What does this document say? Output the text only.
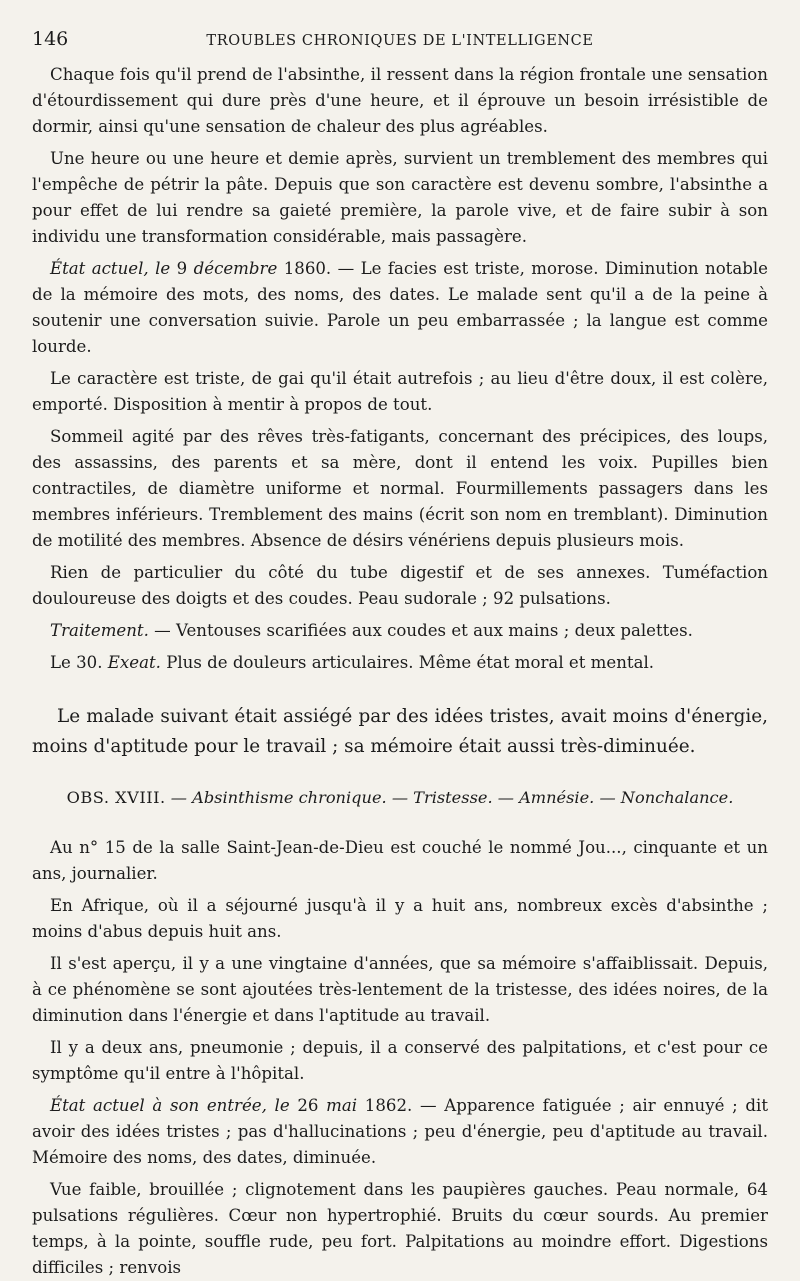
146	TROUBLES CHRONIQUES DE L'INTELLIGENCE

Chaque fois qu'il prend de l'absinthe, il ressent dans la région frontale une sensation d'étourdissement qui dure près d'une heure, et il éprouve un besoin irrésistible de dormir, ainsi qu'une sensation de chaleur des plus agréables.

Une heure ou une heure et demie après, survient un tremblement des membres qui l'empêche de pétrir la pâte. Depuis que son caractère est devenu sombre, l'absinthe a pour effet de lui rendre sa gaieté première, la parole vive, et de faire subir à son individu une transformation considérable, mais passagère.

État actuel, le 9 décembre 1860. — Le facies est triste, morose. Diminution notable de la mémoire des mots, des noms, des dates. Le malade sent qu'il a de la peine à soutenir une conversation suivie. Parole un peu embarrassée ; la langue est comme lourde.

Le caractère est triste, de gai qu'il était autrefois ; au lieu d'être doux, il est colère, emporté. Disposition à mentir à propos de tout.

Sommeil agité par des rêves très-fatigants, concernant des précipices, des loups, des assassins, des parents et sa mère, dont il entend les voix. Pupilles bien contractiles, de diamètre uniforme et normal. Fourmillements passagers dans les membres inférieurs. Tremblement des mains (écrit son nom en tremblant). Diminution de motilité des membres. Absence de désirs vénériens depuis plusieurs mois.

Rien de particulier du côté du tube digestif et de ses annexes. Tuméfaction douloureuse des doigts et des coudes. Peau sudorale ; 92 pulsations.

Traitement. — Ventouses scarifiées aux coudes et aux mains ; deux palettes.

Le 30. Exeat. Plus de douleurs articulaires. Même état moral et mental.

Le malade suivant était assiégé par des idées tristes, avait moins d'énergie, moins d'aptitude pour le travail ; sa mémoire était aussi très-diminuée.

OBS. XVIII. — Absinthisme chronique. — Tristesse. — Amnésie. — Nonchalance.

Au n° 15 de la salle Saint-Jean-de-Dieu est couché le nommé Jou..., cinquante et un ans, journalier.

En Afrique, où il a séjourné jusqu'à il y a huit ans, nombreux excès d'absinthe ; moins d'abus depuis huit ans.

Il s'est aperçu, il y a une vingtaine d'années, que sa mémoire s'affaiblissait. Depuis, à ce phénomène se sont ajoutées très-lentement de la tristesse, des idées noires, de la diminution dans l'énergie et dans l'aptitude au travail.

Il y a deux ans, pneumonie ; depuis, il a conservé des palpitations, et c'est pour ce symptôme qu'il entre à l'hôpital.

État actuel à son entrée, le 26 mai 1862. — Apparence fatiguée ; air ennuyé ; dit avoir des idées tristes ; pas d'hallucinations ; peu d'énergie, peu d'aptitude au travail. Mémoire des noms, des dates, diminuée.

Vue faible, brouillée ; clignotement dans les paupières gauches. Peau normale, 64 pulsations régulières. Cœur non hypertrophié. Bruits du cœur sourds. Au premier temps, à la pointe, souffle rude, peu fort. Palpitations au moindre effort. Digestions difficiles ; renvois
